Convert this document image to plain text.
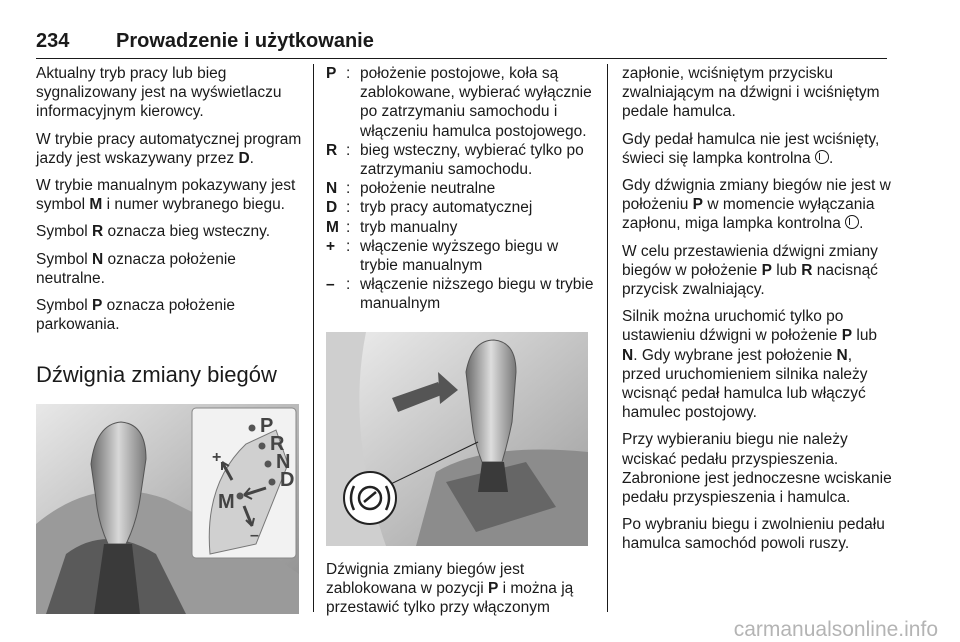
234 Prowadzenie i użytkowanie

Aktualny tryb pracy lub bieg sygnalizowany jest na wyświetlaczu informacyjnym kierowcy.

W trybie pracy automatycznej program jazdy jest wskazywany przez D.

W trybie manualnym pokazywany jest symbol M i numer wybranego biegu.

Symbol R oznacza bieg wsteczny.

Symbol N oznacza położenie neutralne.

Symbol P oznacza położenie parkowania.

Dźwignia zmiany biegów
P
R
N
D
M
+
–
P : położenie postojowe, koła są zablokowane, wybierać wyłącznie po zatrzymaniu samochodu i włączeniu hamulca postojowego.
R : bieg wsteczny, wybierać tylko po zatrzymaniu samochodu.
N : położenie neutralne
D : tryb pracy automatycznej
M : tryb manualny
+ : włączenie wyższego biegu w trybie manualnym
– : włączenie niższego biegu w trybie manualnym

Dźwignia zmiany biegów jest zablokowana w pozycji P i można ją przestawić tylko przy włączonym

zapłonie, wciśniętym przycisku zwalniającym na dźwigni i wciśniętym pedale hamulca.

Gdy pedał hamulca nie jest wciśnięty, świeci się lampka kontrolna .

Gdy dźwignia zmiany biegów nie jest w położeniu P w momencie wyłączania zapłonu, miga lampka kontrolna .

W celu przestawienia dźwigni zmiany biegów w położenie P lub R nacisnąć przycisk zwalniający.

Silnik można uruchomić tylko po ustawieniu dźwigni w położenie P lub N. Gdy wybrane jest położenie N, przed uruchomieniem silnika należy wcisnąć pedał hamulca lub włączyć hamulec postojowy.

Przy wybieraniu biegu nie należy wciskać pedału przyspieszenia. Zabronione jest jednoczesne wciskanie pedału przyspieszenia i hamulca.

Po wybraniu biegu i zwolnieniu pedału hamulca samochód powoli ruszy.

carmanualsonline.info
